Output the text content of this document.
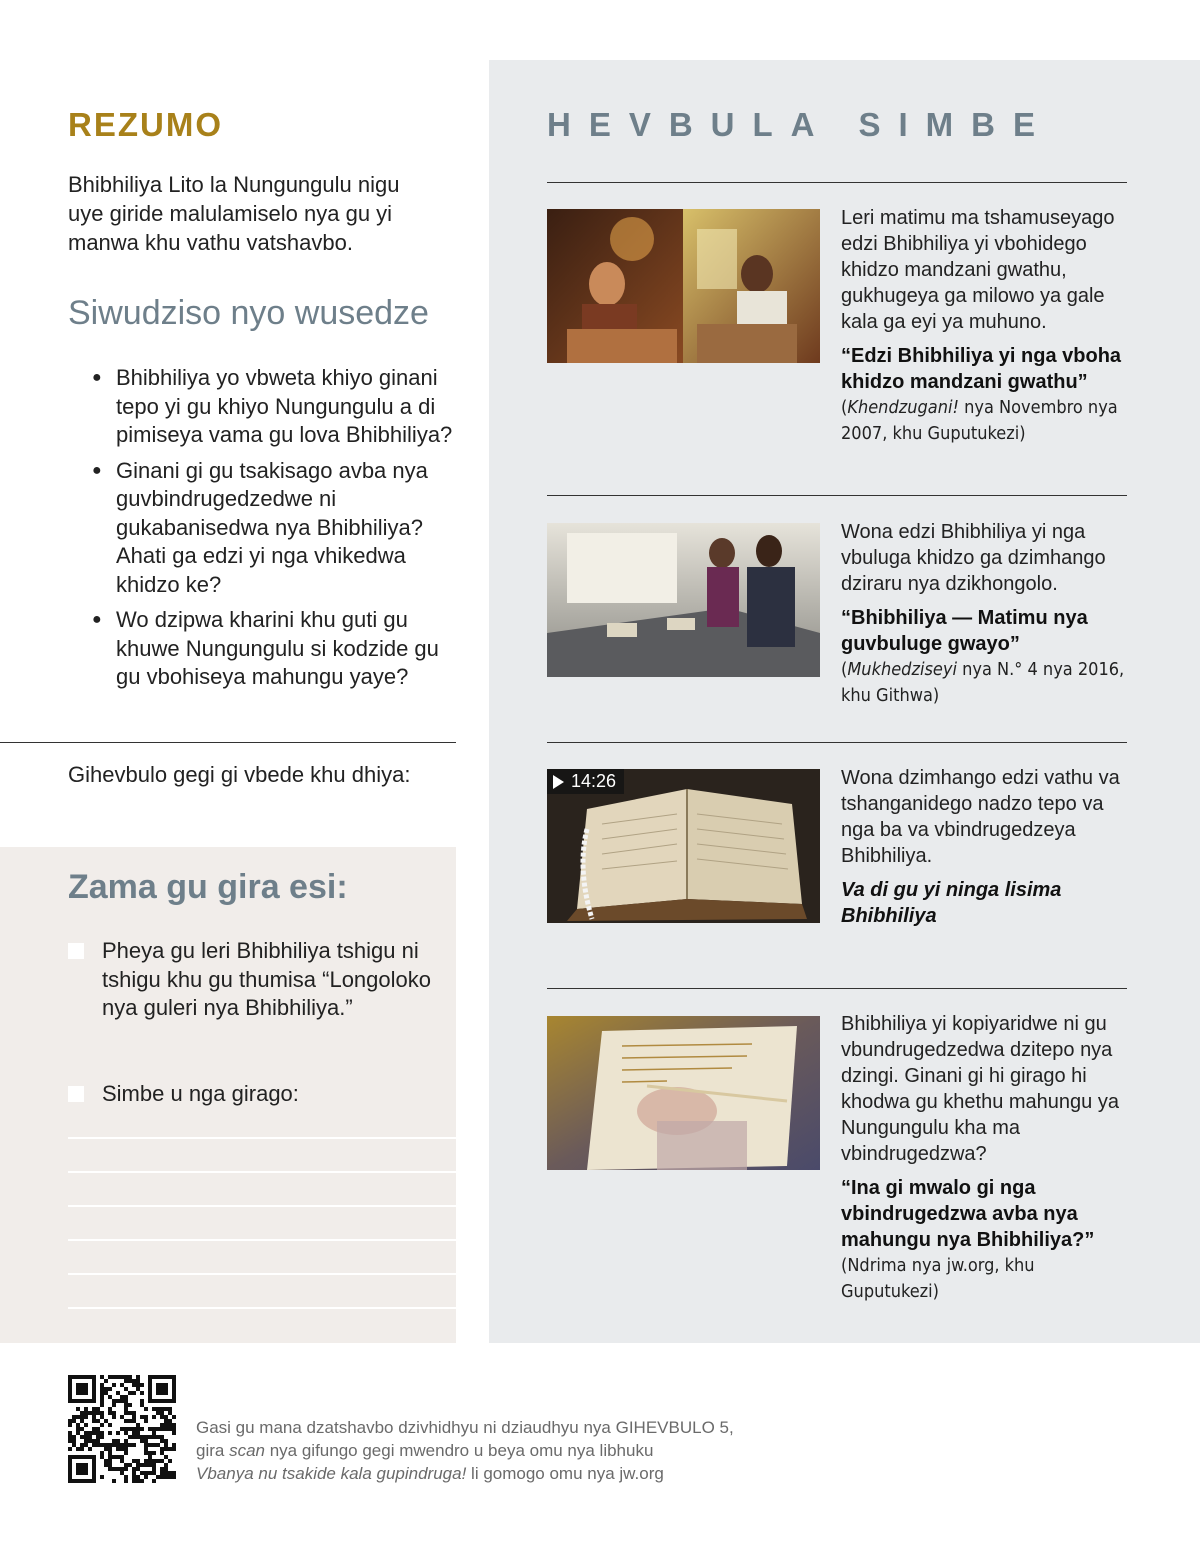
REZUMO

Bhibhiliya Lito la Nungungulu nigu uye giride malulamiselo nya gu yi manwa khu vathu vatshavbo.

Siwudziso nyo wusedze
● Bhibhiliya yo vbweta khiyo ginani tepo yi gu khiyo Nungungulu a di pimiseya vama gu lova Bhibhiliya?
● Ginani gi gu tsakisago avba nya guvbindrugedzedwe ni gukabanisedwa nya Bhibhiliya? Ahati ga edzi yi nga vhikedwa khidzo ke?
● Wo dzipwa kharini khu guti gu khuwe Nungungulu si kodzide gu gu vbohiseya mahungu yaye?

Gihevbulo gegi gi vbede khu dhiya:

Zama gu gira esi:
Pheya gu leri Bhibhiliya tshigu ni tshigu khu gu thumisa “Longoloko nya guleri nya Bhibhiliya.”
Simbe u nga girago:
HEVBULA SIMBE

Leri matimu ma tshamuseyago edzi Bhibhiliya yi vbohidego khidzo mandzani gwathu, gukhugeya ga milowo ya gale kala ga eyi ya muhuno.

“Edzi Bhibhiliya yi nga vboha khidzo mandzani gwathu”

(Khendzugani! nya Novembro nya 2007, khu Guputukezi)

Wona edzi Bhibhiliya yi nga vbuluga khidzo ga dzimhango dziraru nya dzikhongolo.

“Bhibhiliya — Matimu nya guvbuluge gwayo”

(Mukhedziseyi nya N.° 4 nya 2016, khu Githwa)

14:26	Wona dzimhango edzi vathu va tshanganidego nadzo tepo va nga ba va vbindrugedzeya Bhibhiliya.

Va di gu yi ninga lisima Bhibhiliya

Bhibhiliya yi kopiyaridwe ni gu vbundrugedzedwa dzitepo nya dzingi. Ginani gi hi girago hi khodwa gu khethu mahungu ya Nungungulu kha ma vbindrugedzwa?

“Ina gi mwalo gi nga vbindrugedzwa avba nya mahungu nya Bhibhiliya?”

(Ndrima nya jw.org, khu Guputukezi)

Gasi gu mana dzatshavbo dzivhidhyu ni dziaudhyu nya GIHEVBULO 5,

gira scan nya gifungo gegi mwendro u beya omu nya libhuku

Vbanya nu tsakide kala gupindruga! li gomogo omu nya jw.org
